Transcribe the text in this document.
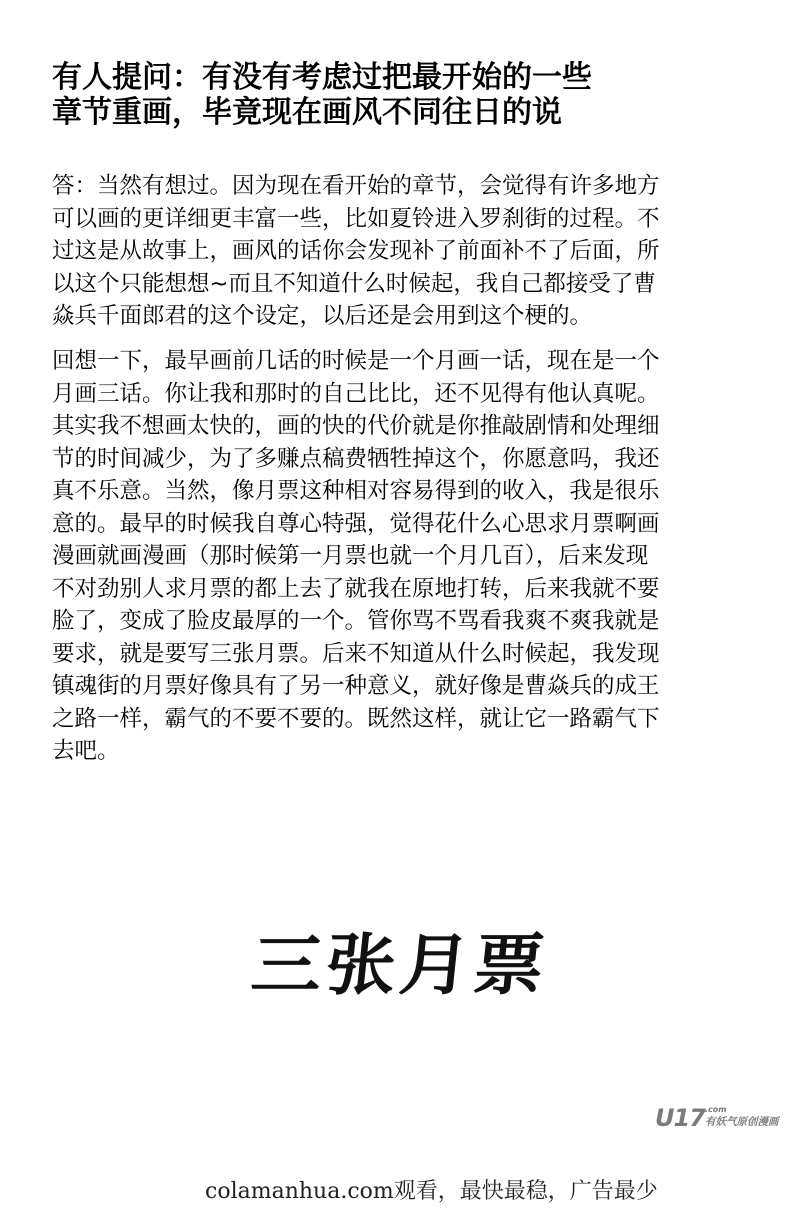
有人提问：有没有考虑过把最开始的一些
章节重画，毕竟现在画风不同往日的说

答：当然有想过。因为现在看开始的章节，会觉得有许多地方
可以画的更详细更丰富一些，比如夏铃进入罗刹街的过程。不
过这是从故事上，画风的话你会发现补了前面补不了后面，所
以这个只能想想~而且不知道什么时候起，我自己都接受了曹
焱兵千面郎君的这个设定，以后还是会用到这个梗的。

回想一下，最早画前几话的时候是一个月画一话，现在是一个
月画三话。你让我和那时的自己比比，还不见得有他认真呢。
其实我不想画太快的，画的快的代价就是你推敲剧情和处理细
节的时间减少，为了多赚点稿费牺牲掉这个，你愿意吗，我还
真不乐意。当然，像月票这种相对容易得到的收入，我是很乐
意的。最早的时候我自尊心特强，觉得花什么心思求月票啊画
漫画就画漫画（那时候第一月票也就一个月几百），后来发现
不对劲别人求月票的都上去了就我在原地打转，后来我就不要
脸了，变成了脸皮最厚的一个。管你骂不骂看我爽不爽我就是
要求，就是要写三张月票。后来不知道从什么时候起，我发现
镇魂街的月票好像具有了另一种意义，就好像是曹焱兵的成王
之路一样，霸气的不要不要的。既然这样，就让它一路霸气下
去吧。

三张月票
U17 .com
有妖气原创漫画
colamanhua.com观看，最快最稳，广告最少
